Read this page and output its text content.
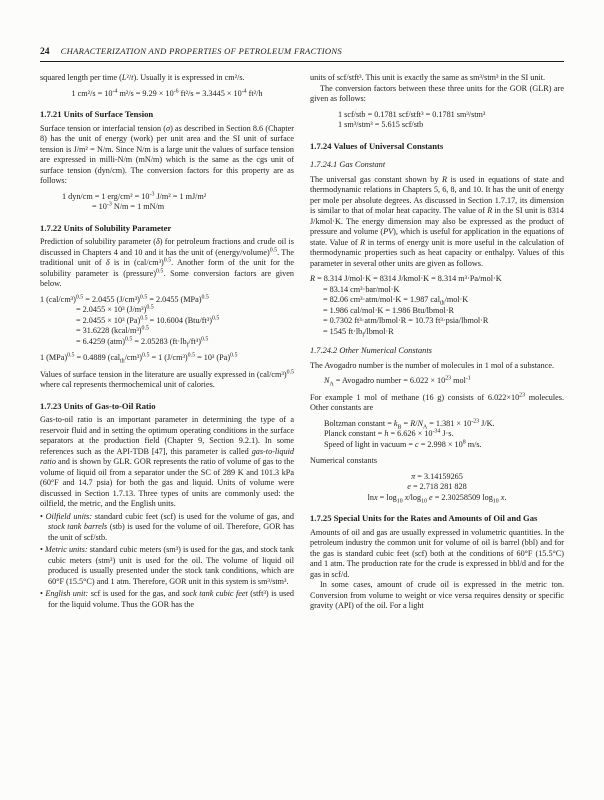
24 CHARACTERIZATION AND PROPERTIES OF PETROLEUM FRACTIONS
squared length per time (L²/t). Usually it is expressed in cm²/s.
1 $cm^2/s = 10^{-4}$ $m^2/s = 9.29 \times 10^{-6}$ $ft^2/s = 3.3445 \times 10^{-4}$ ft²/h
1.7.21 Units of Surface Tension
Surface tension or interfacial tension (σ) as described in Section 8.6 (Chapter 8) has the unit of energy (work) per unit area and the SI unit of surface tension is J/m² = N/m. Since N/m is a large unit the values of surface tension are expressed in milli-N/m (mN/m) which is the same as the cgs unit of surface tension (dyn/cm). The conversion factors for this property are as follows:
1 dyn/cm = 1 $erg/cm^2 = 10^{-3}$ J/m² = 1 mJ/m²
= $10^{-3}$ N/m = 1 mN/m
1.7.22 Units of Solubility Parameter
Prediction of solubility parameter (δ) for petroleum fractions and crude oil is discussed in Chapters 4 and 10 and it has the unit of (energy/volume)$^{0.5}$. The traditional unit of δ is in $(cal/cm^3)^{0.5}$. Another form of the unit for the solubility parameter is (pressure)$^{0.5}$. Some conversion factors are given below.
1 $(cal/cm^3)^{0.5} = 2.0455$ $(J/cm^3)^{0.5} = 2.0455$ (MPa)$^{0.5}$
= 2.0455 × 10³ $(J/m^3)^{0.5}$
= 2.0455 × 10³ $(Pa)^{0.5} = 10.6004$ $(Btu/ft^3)^{0.5}$
= 31.6228 (kcal/m³)$^{0.5}$
= 6.4259 (atm)$^{0.5}$ = 2.05283 $(ft\cdot lb_f/ft^3)^{0.5}$
1 (MPa)$^{0.5}$ = 0.4889 $(cal_{th}/cm^3)^{0.5} = 1$ $(J/cm^3)^{0.5} = 10^3$ $(Pa)^{0.5}$
Values of surface tension in the literature are usually expressed in $(cal/cm^3)^{0.5}$ where cal represents thermochemical unit of calories.
1.7.23 Units of Gas-to-Oil Ratio
Gas-to-oil ratio is an important parameter in determining the type of a reservoir fluid and in setting the optimum operating conditions in the surface separators at the production field (Chapter 9, Section 9.2.1). In some references such as the API-TDB [47], this parameter is called gas-to-liquid ratio and is shown by GLR. GOR represents the ratio of volume of gas to the volume of liquid oil from a separator under the SC of 289 K and 101.3 kPa (60°F and 14.7 psia) for both the gas and liquid. Units of volume were discussed in Section 1.7.13. Three types of units are commonly used: the oilfield, the metric, and the English units.
• Oilfield units: standard cubic feet (scf) is used for the volume of gas, and stock tank barrels (stb) is used for the volume of oil. Therefore, GOR has the unit of scf/stb.
• Metric units: standard cubic meters (sm³) is used for the gas, and stock tank cubic meters (stm³) unit is used for the oil. The volume of liquid oil produced is usually presented under the stock tank conditions, which are 60°F (15.5°C) and 1 atm. Therefore, GOR unit in this system is sm³/stm³.
• English unit: scf is used for the gas, and sock tank cubic feet (stft³) is used for the liquid volume. Thus the GOR has the
units of scf/stft³. This unit is exactly the same as sm³/stm³ in the SI unit.
The conversion factors between these three units for the GOR (GLR) are given as follows:
1 scf/stb = 0.1781 scf/stft³ = 0.1781 sm³/stm³
1 sm³/stm³ = 5.615 scf/stb
1.7.24 Values of Universal Constants
1.7.24.1 Gas Constant
The universal gas constant shown by R is used in equations of state and thermodynamic relations in Chapters 5, 6, 8, and 10. It has the unit of energy per mole per absolute degrees. As discussed in Section 1.7.17, its dimension is similar to that of molar heat capacity. The value of R in the SI unit is 8314 J/kmol·K. The energy dimension may also be expressed as the product of pressure and volume (PV), which is useful for application in the equations of state. Value of R in terms of energy unit is more useful in the calculation of thermodynamic properties such as heat capacity or enthalpy. Values of this parameter in several other units are given as follows.
R = 8.314 J/mol·K = 8314 J/kmol·K = 8.314 m³·Pa/mol·K
= 83.14 cm³·bar/mol·K
= 82.06 cm³·atm/mol·K = 1.987 cal$_{th}$/mol·K
= 1.986 cal/mol·K = 1.986 Btu/lbmol·R
= 0.7302 ft³·atm/lbmol·R = 10.73 ft³·psia/lbmol·R
= 1545 $ft\cdot lb_f/lbmol\cdot R$
1.7.24.2 Other Numerical Constants
The Avogadro number is the number of molecules in 1 mol of a substance.
$N_A$ = Avogadro number = $6.022 \times 10^{23}$ mol$^{-1}$
For example 1 mol of methane (16 g) consists of $6.022\times 10^{23}$ molecules. Other constants are
Boltzman constant = $k_B = R/N_A = 1.381 \times 10^{-23}$ J/K.
Planck constant = $h = 6.626 \times 10^{-34}$ J·s.
Speed of light in vacuum = $c = 2.998 \times 10^8$ m/s.
Numerical constants
π = 3.14159265
e = 2.718 281 828
$\ln x = \log_{10} x/\log_{10}$ e = 2.30258509 $\log_{10} x$.
1.7.25 Special Units for the Rates and Amounts of Oil and Gas
Amounts of oil and gas are usually expressed in volumetric quantities. In the petroleum industry the common unit for volume of oil is barrel (bbl) and for the gas is standard cubic feet (scf) both at the conditions of 60°F (15.5°C) and 1 atm. The production rate for the crude is expressed in bbl/d and for the gas in scf/d.
In some cases, amount of crude oil is expressed in the metric ton. Conversion from volume to weight or vice versa requires density or specific gravity (API) of the oil. For a light
